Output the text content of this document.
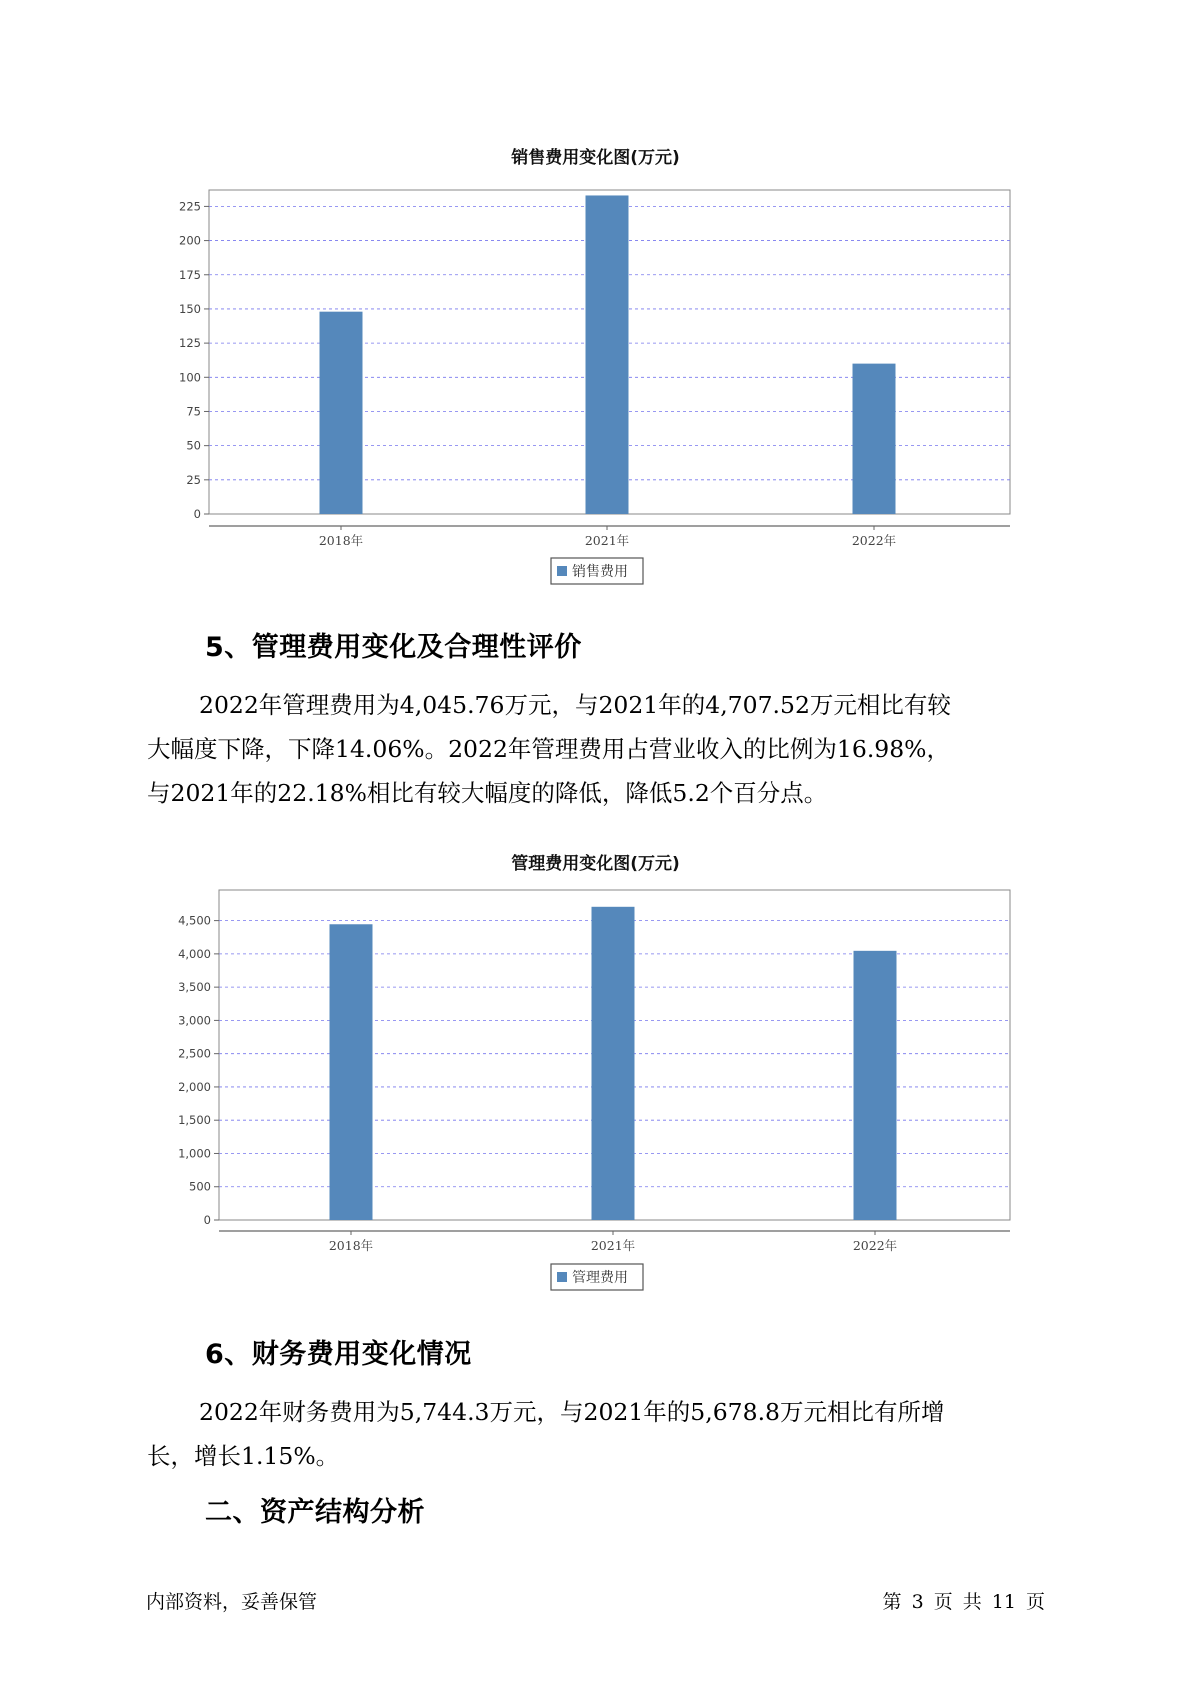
销售费用变化图(万元)
0
25
50
75
100
125
150
175
200
225
2018年	2021年	2022年
销售费用
5、管理费用变化及合理性评价
2022年管理费用为4,045.76万元，与2021年的4,707.52万元相比有较
大幅度下降，下降14.06%。2022年管理费用占营业收入的比例为16.98%，
与2021年的22.18%相比有较大幅度的降低，降低5.2个百分点。
管理费用变化图(万元)
0
500
1,000
1,500
2,000
2,500
3,000
3,500
4,000
4,500
2018年	2021年	2022年
管理费用
6、财务费用变化情况
2022年财务费用为5,744.3万元，与2021年的5,678.8万元相比有所增
长，增长1.15%。
二、资产结构分析
内部资料，妥善保管	第 3 页 共 11 页
